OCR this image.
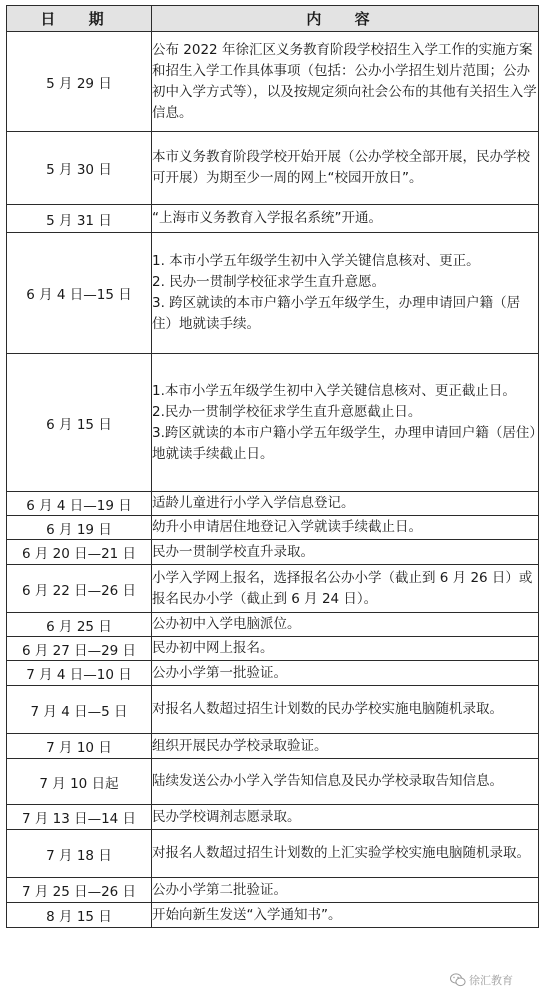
日 期	内 容
5 月 29 日	公布 2022 年徐汇区义务教育阶段学校招生入学工作的实施方案和招生入学工作具体事项（包括：公办小学招生划片范围；公办初中入学方式等），以及按规定须向社会公布的其他有关招生入学信息。

5 月 30 日	本市义务教育阶段学校开始开展（公办学校全部开展，民办学校可开展）为期至少一周的网上“校园开放日”。

5 月 31 日	“上海市义务教育入学报名系统”开通。

6 月 4 日—15 日	1. 本市小学五年级学生初中入学关键信息核对、更正。
2. 民办一贯制学校征求学生直升意愿。
3. 跨区就读的本市户籍小学五年级学生，办理申请回户籍（居住）地就读手续。

6 月 15 日	1.本市小学五年级学生初中入学关键信息核对、更正截止日。
2.民办一贯制学校征求学生直升意愿截止日。
3.跨区就读的本市户籍小学五年级学生，办理申请回户籍（居住）地就读手续截止日。

6 月 4 日—19 日	适龄儿童进行小学入学信息登记。

6 月 19 日	幼升小申请居住地登记入学就读手续截止日。

6 月 20 日—21 日	民办一贯制学校直升录取。

6 月 22 日—26 日	小学入学网上报名，选择报名公办小学（截止到 6 月 26 日）或报名民办小学（截止到 6 月 24 日）。

6 月 25 日	公办初中入学电脑派位。

6 月 27 日—29 日	民办初中网上报名。

7 月 4 日—10 日	公办小学第一批验证。

7 月 4 日—5 日	对报名人数超过招生计划数的民办学校实施电脑随机录取。

7 月 10 日	组织开展民办学校录取验证。

7 月 10 日起	陆续发送公办小学入学告知信息及民办学校录取告知信息。

7 月 13 日—14 日	民办学校调剂志愿录取。

7 月 18 日	对报名人数超过招生计划数的上汇实验学校实施电脑随机录取。

7 月 25 日—26 日	公办小学第二批验证。

8 月 15 日	开始向新生发送“入学通知书”。
徐汇教育
